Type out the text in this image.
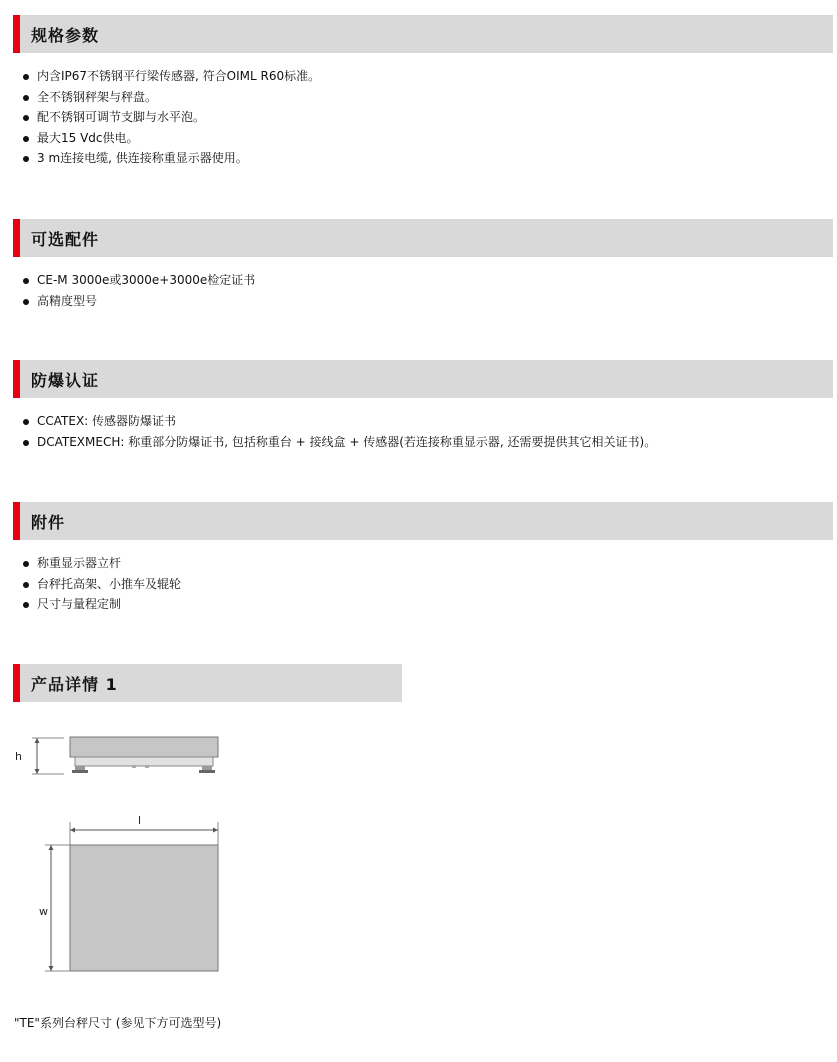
规格参数
内含IP67不锈钢平行梁传感器, 符合OIML R60标准。
全不锈钢秤架与秤盘。
配不锈钢可调节支脚与水平泡。
最大15 Vdc供电。
3 m连接电缆, 供连接称重显示器使用。
可选配件
CE-M 3000e或3000e+3000e检定证书
高精度型号
防爆认证
CCATEX: 传感器防爆证书
DCATEXMECH: 称重部分防爆证书, 包括称重台 + 接线盒 + 传感器(若连接称重显示器, 还需要提供其它相关证书)。
附件
称重显示器立杆
台秤托高架、小推车及辊轮
尺寸与量程定制
产品详情 1
h
l
w
"TE"系列台秤尺寸 (参见下方可选型号)
